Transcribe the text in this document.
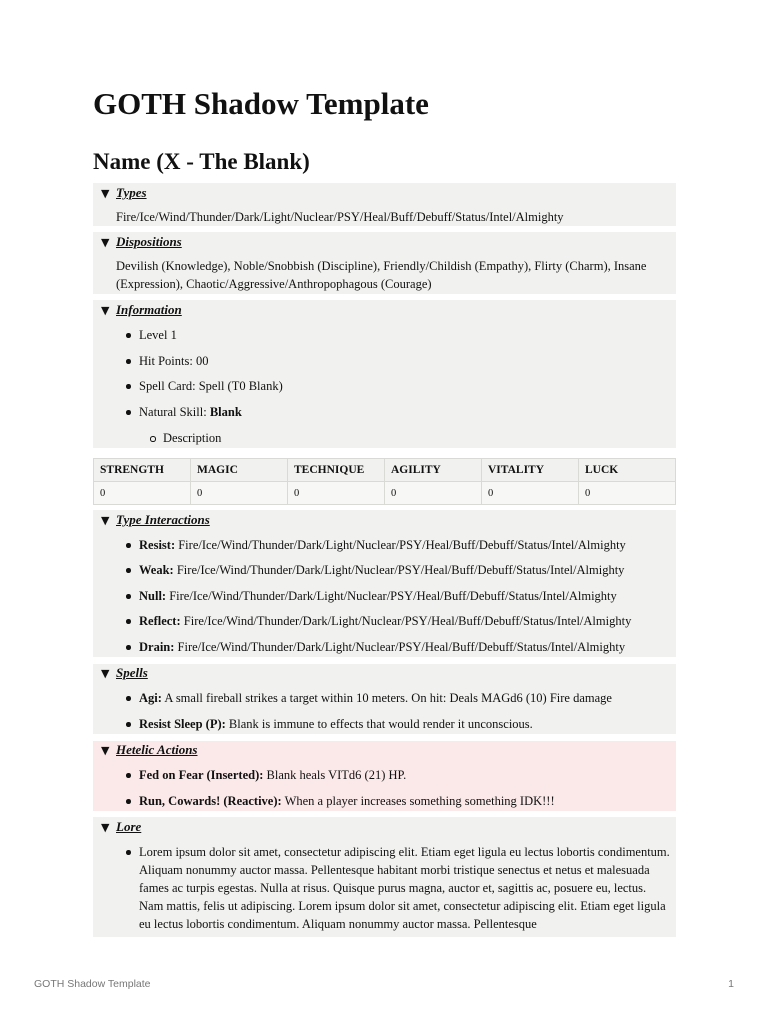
GOTH Shadow Template
Name (X - The Blank)
▼ Types
Fire/Ice/Wind/Thunder/Dark/Light/Nuclear/PSY/Heal/Buff/Debuff/Status/Intel/Almighty
▼ Dispositions
Devilish (Knowledge), Noble/Snobbish (Discipline), Friendly/Childish (Empathy), Flirty (Charm), Insane (Expression), Chaotic/Aggressive/Anthropophagous (Courage)
▼ Information
Level 1
Hit Points: 00
Spell Card: Spell (T0 Blank)
Natural Skill: Blank
Description
STRENGTH	MAGIC	TECHNIQUE	AGILITY	VITALITY	LUCK
0	0	0	0	0	0
▼ Type Interactions
Resist: Fire/Ice/Wind/Thunder/Dark/Light/Nuclear/PSY/Heal/Buff/Debuff/Status/Intel/Almighty
Weak: Fire/Ice/Wind/Thunder/Dark/Light/Nuclear/PSY/Heal/Buff/Debuff/Status/Intel/Almighty
Null: Fire/Ice/Wind/Thunder/Dark/Light/Nuclear/PSY/Heal/Buff/Debuff/Status/Intel/Almighty
Reflect: Fire/Ice/Wind/Thunder/Dark/Light/Nuclear/PSY/Heal/Buff/Debuff/Status/Intel/Almighty
Drain: Fire/Ice/Wind/Thunder/Dark/Light/Nuclear/PSY/Heal/Buff/Debuff/Status/Intel/Almighty
▼ Spells
Agi: A small fireball strikes a target within 10 meters. On hit: Deals MAGd6 (10) Fire damage
Resist Sleep (P): Blank is immune to effects that would render it unconscious.
▼ Hetelic Actions
Fed on Fear (Inserted): Blank heals VITd6 (21) HP.
Run, Cowards! (Reactive): When a player increases something something IDK!!!
▼ Lore
Lorem ipsum dolor sit amet, consectetur adipiscing elit. Etiam eget ligula eu lectus lobortis condimentum. Aliquam nonummy auctor massa. Pellentesque habitant morbi tristique senectus et netus et malesuada fames ac turpis egestas. Nulla at risus. Quisque purus magna, auctor et, sagittis ac, posuere eu, lectus. Nam mattis, felis ut adipiscing. Lorem ipsum dolor sit amet, consectetur adipiscing elit. Etiam eget ligula eu lectus lobortis condimentum. Aliquam nonummy auctor massa. Pellentesque
GOTH Shadow Template	1
